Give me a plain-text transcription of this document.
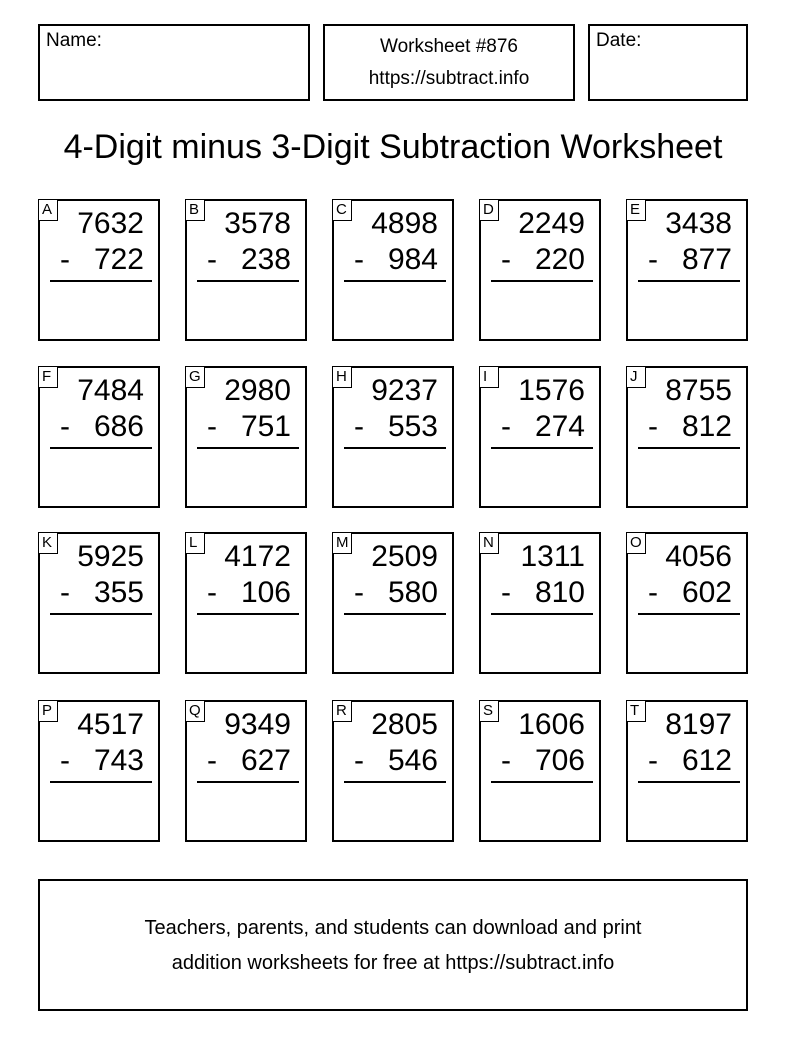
Name:	Worksheet #876
https://subtract.info
Date:
4-Digit minus 3-Digit Subtraction Worksheet
A 7632
- 722
B 3578
- 238
C 4898
- 984
D 2249
- 220
E 3438
- 877
F 7484
- 686
G 2980
- 751
H 9237
- 553
I	1576
- 274
J 8755
- 812
K 5925
- 355
L 4172
- 106
M 2509
- 580
N 1311
- 810
O 4056
- 602
P 4517
- 743
Q 9349
- 627
R 2805
- 546
S 1606
- 706
T 8197
- 612
Teachers, parents, and students can download and print
addition worksheets for free at https://subtract.info
